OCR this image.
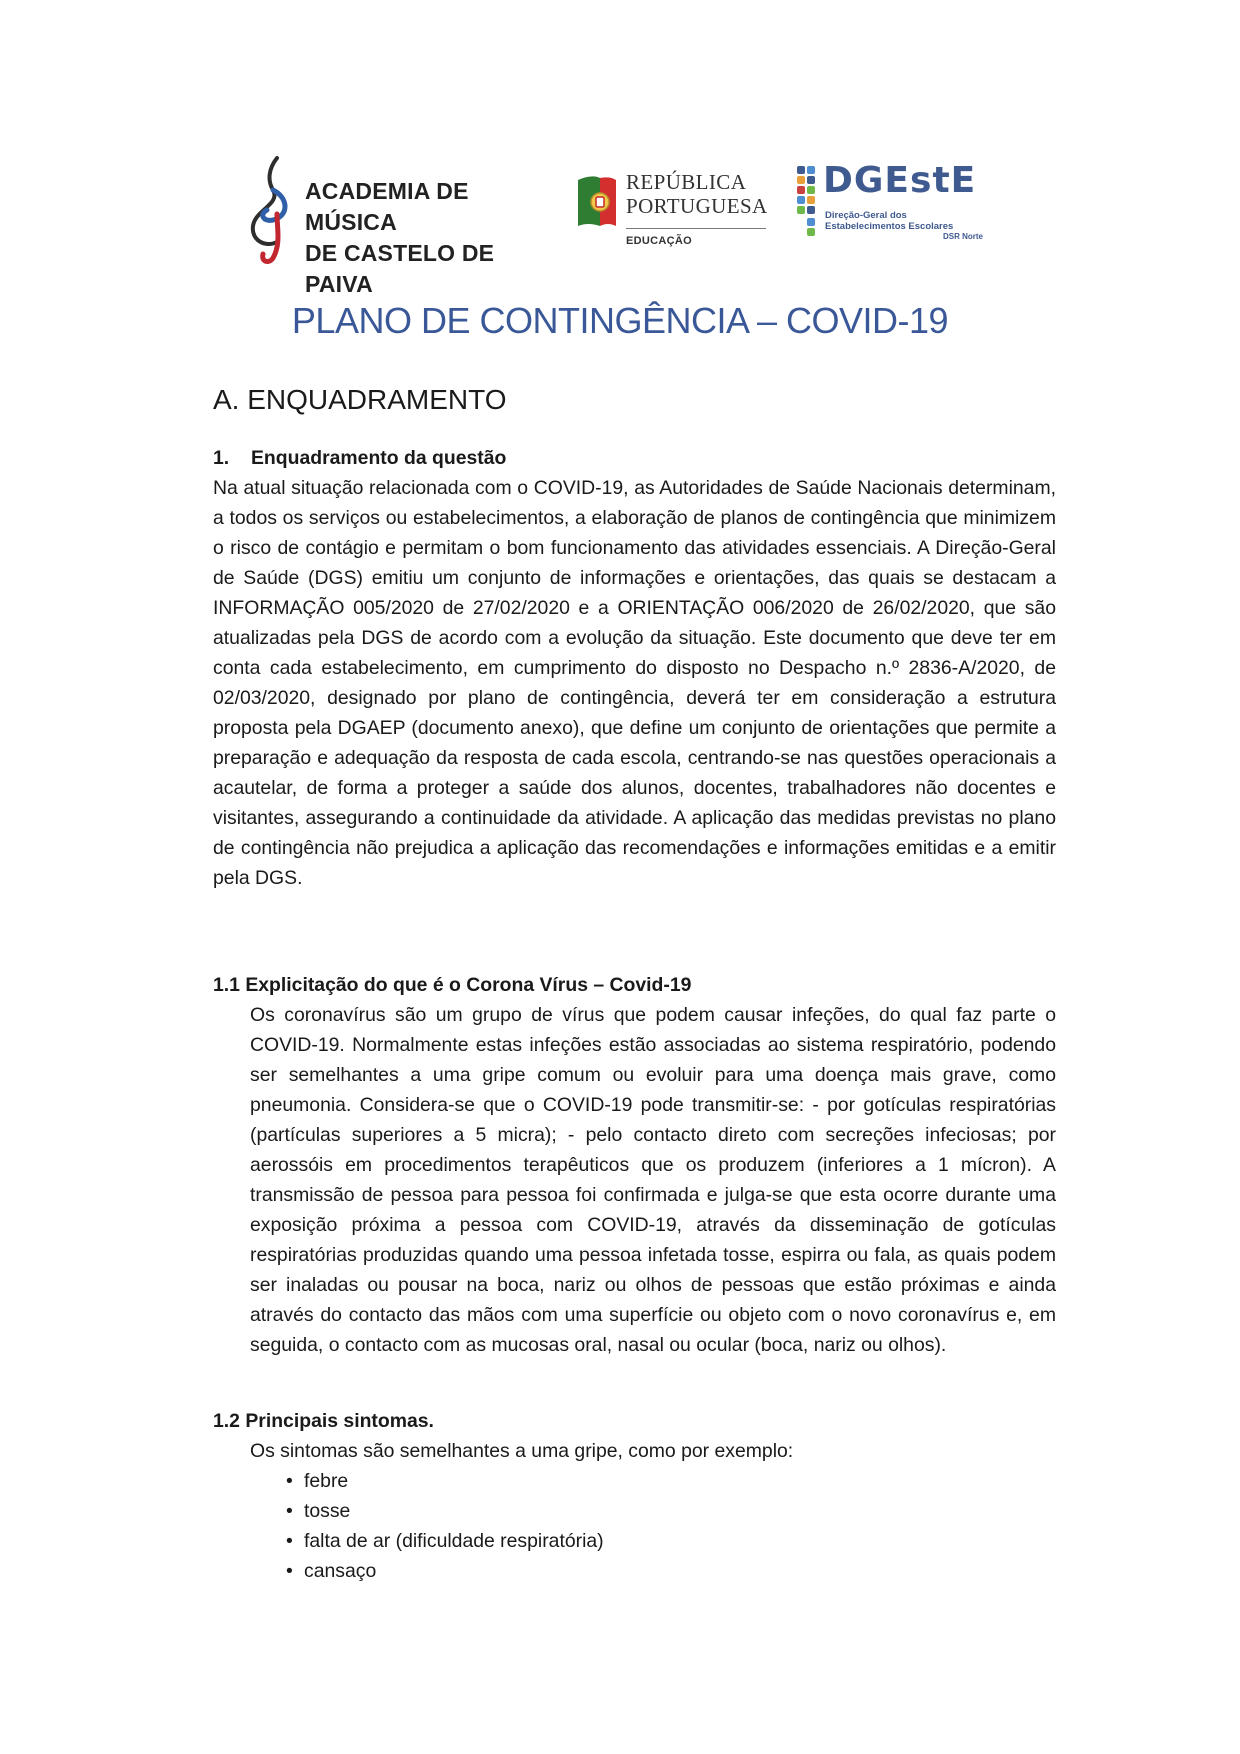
ACADEMIA DE MÚSICA
DE CASTELO DE PAIVA
REPÚBLICA
PORTUGUESA
EDUCAÇÃO
DGEstE
Direção-Geral dos
Estabelecimentos Escolares
DSR Norte
PLANO DE CONTINGÊNCIA – COVID-19
A. ENQUADRAMENTO
1. Enquadramento da questão

Na atual situação relacionada com o COVID-19, as Autoridades de Saúde Nacionais determinam, a todos os serviços ou estabelecimentos, a elaboração de planos de contingência que minimizem o risco de contágio e permitam o bom funcionamento das atividades essenciais. A Direção-Geral de Saúde (DGS) emitiu um conjunto de informações e orientações, das quais se destacam a INFORMAÇÃO 005/2020 de 27/02/2020 e a ORIENTAÇÃO 006/2020 de 26/02/2020, que são atualizadas pela DGS de acordo com a evolução da situação. Este documento que deve ter em conta cada estabelecimento, em cumprimento do disposto no Despacho n.º 2836-A/2020, de 02/03/2020, designado por plano de contingência, deverá ter em consideração a estrutura proposta pela DGAEP (documento anexo), que define um conjunto de orientações que permite a preparação e adequação da resposta de cada escola, centrando-se nas questões operacionais a acautelar, de forma a proteger a saúde dos alunos, docentes, trabalhadores não docentes e visitantes, assegurando a continuidade da atividade. A aplicação das medidas previstas no plano de contingência não prejudica a aplicação das recomendações e informações emitidas e a emitir pela DGS.

1.1 Explicitação do que é o Corona Vírus – Covid-19

Os coronavírus são um grupo de vírus que podem causar infeções, do qual faz parte o COVID-19. Normalmente estas infeções estão associadas ao sistema respiratório, podendo ser semelhantes a uma gripe comum ou evoluir para uma doença mais grave, como pneumonia. Considera-se que o COVID-19 pode transmitir-se: - por gotículas respiratórias (partículas superiores a 5 micra); - pelo contacto direto com secreções infeciosas; por aerossóis em procedimentos terapêuticos que os produzem (inferiores a 1 mícron). A transmissão de pessoa para pessoa foi confirmada e julga-se que esta ocorre durante uma exposição próxima a pessoa com COVID-19, através da disseminação de gotículas respiratórias produzidas quando uma pessoa infetada tosse, espirra ou fala, as quais podem ser inaladas ou pousar na boca, nariz ou olhos de pessoas que estão próximas e ainda através do contacto das mãos com uma superfície ou objeto com o novo coronavírus e, em seguida, o contacto com as mucosas oral, nasal ou ocular (boca, nariz ou olhos).

1.2 Principais sintomas.

Os sintomas são semelhantes a uma gripe, como por exemplo:

• febre
• tosse
• falta de ar (dificuldade respiratória)
• cansaço
